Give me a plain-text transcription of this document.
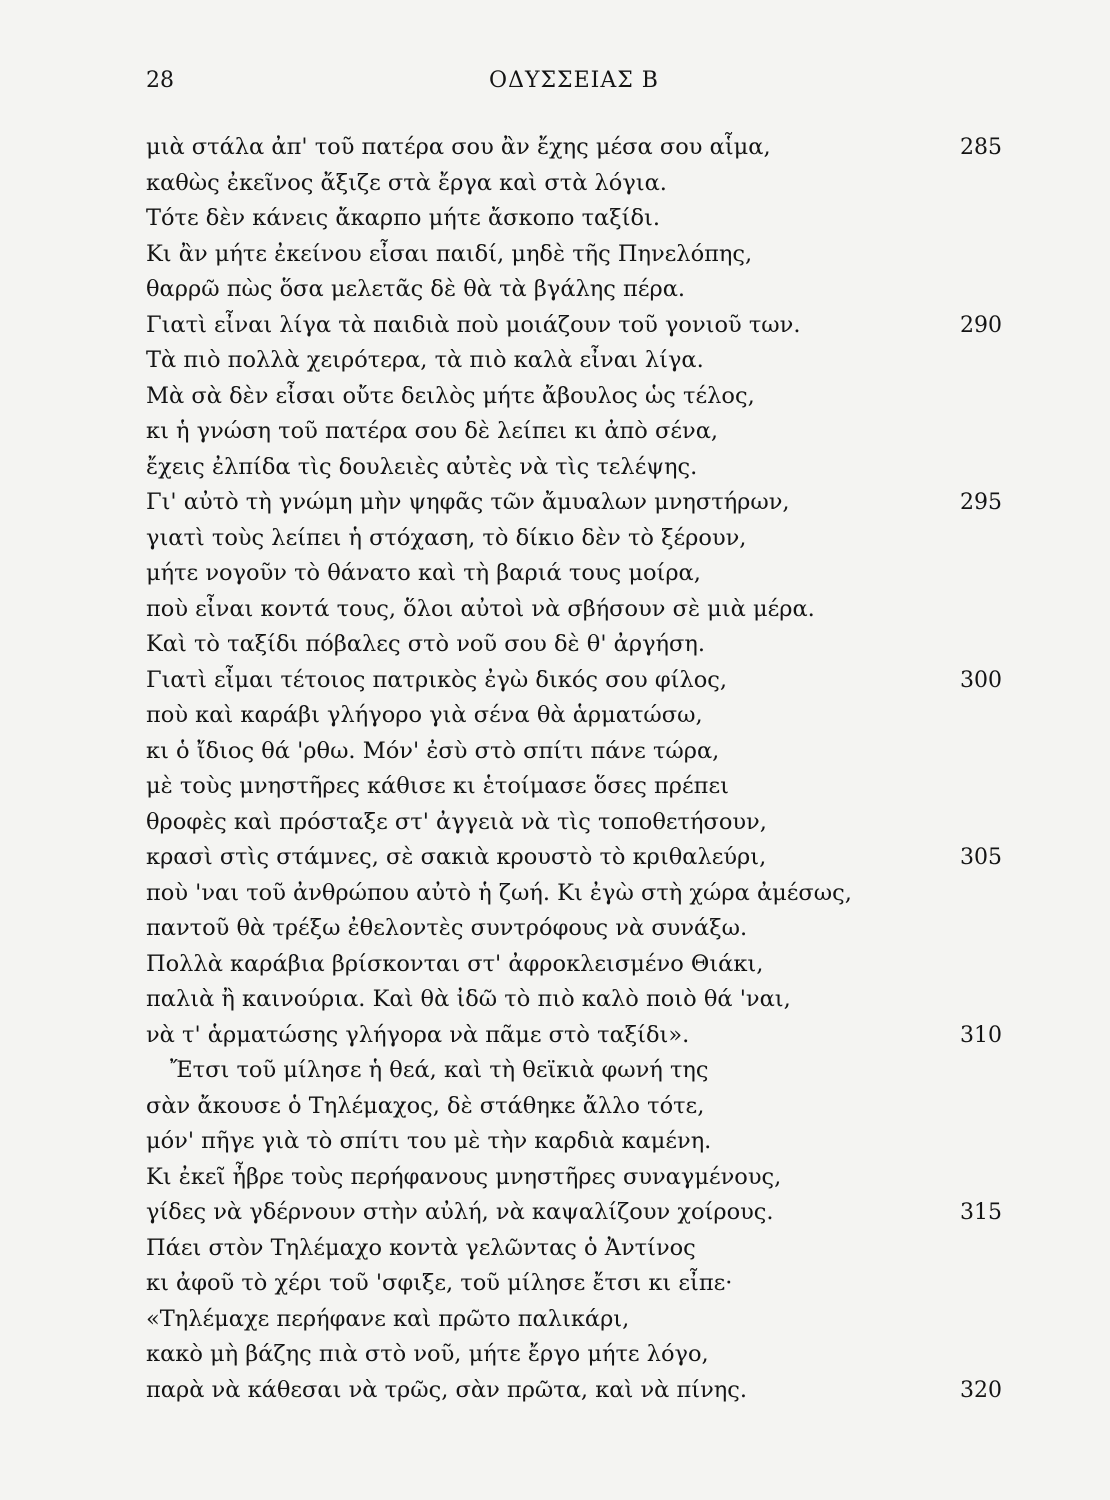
28	ΟΔΥΣΣΕΙΑΣ Β
μιὰ στάλα ἀπ' τοῦ πατέρα σου ἂν ἔχης μέσα σου αἷμα,	285
καθὼς ἐκεῖνος ἄξιζε στὰ ἔργα καὶ στὰ λόγια.
Τότε δὲν κάνεις ἄκαρπο μήτε ἄσκοπο ταξίδι.
Κι ἂν μήτε ἐκείνου εἶσαι παιδί, μηδὲ τῆς Πηνελόπης,
θαρρῶ πὼς ὅσα μελετᾶς δὲ θὰ τὰ βγάλης πέρα.
Γιατὶ εἶναι λίγα τὰ παιδιὰ ποὺ μοιάζουν τοῦ γονιοῦ των.	290
Τὰ πιὸ πολλὰ χειρότερα, τὰ πιὸ καλὰ εἶναι λίγα.
Μὰ σὰ δὲν εἶσαι οὔτε δειλὸς μήτε ἄβουλος ὡς τέλος,
κι ἡ γνώση τοῦ πατέρα σου δὲ λείπει κι ἀπὸ σένα,
ἔχεις ἐλπίδα τὶς δουλειὲς αὐτὲς νὰ τὶς τελέψης.
Γι' αὐτὸ τὴ γνώμη μὴν ψηφᾶς τῶν ἄμυαλων μνηστήρων,	295
γιατὶ τοὺς λείπει ἡ στόχαση, τὸ δίκιο δὲν τὸ ξέρουν,
μήτε νογοῦν τὸ θάνατο καὶ τὴ βαριά τους μοίρα,
ποὺ εἶναι κοντά τους, ὅλοι αὐτοὶ νὰ σβήσουν σὲ μιὰ μέρα.
Καὶ τὸ ταξίδι πόβαλες στὸ νοῦ σου δὲ θ' ἀργήση.
Γιατὶ εἶμαι τέτοιος πατρικὸς ἐγὼ δικός σου φίλος,	300
ποὺ καὶ καράβι γλήγορο γιὰ σένα θὰ ἁρματώσω,
κι ὁ ἴδιος θά 'ρθω. Μόν' ἐσὺ στὸ σπίτι πάνε τώρα,
μὲ τοὺς μνηστῆρες κάθισε κι ἑτοίμασε ὅσες πρέπει
θροφὲς καὶ πρόσταξε στ' ἀγγειὰ νὰ τὶς τοποθετήσουν,
κρασὶ στὶς στάμνες, σὲ σακιὰ κρουστὸ τὸ κριθαλεύρι,	305
ποὺ 'ναι τοῦ ἀνθρώπου αὐτὸ ἡ ζωή. Κι ἐγὼ στὴ χώρα ἀμέσως,
παντοῦ θὰ τρέξω ἐθελοντὲς συντρόφους νὰ συνάξω.
Πολλὰ καράβια βρίσκονται στ' ἀφροκλεισμένο Θιάκι,
παλιὰ ἢ καινούρια. Καὶ θὰ ἰδῶ τὸ πιὸ καλὸ ποιὸ θά 'ναι,
νὰ τ' ἁρματώσης γλήγορα νὰ πᾶμε στὸ ταξίδι».	310
Ἔτσι τοῦ μίλησε ἡ θεά, καὶ τὴ θεϊκιὰ φωνή της
σὰν ἄκουσε ὁ Τηλέμαχος, δὲ στάθηκε ἄλλο τότε,
μόν' πῆγε γιὰ τὸ σπίτι του μὲ τὴν καρδιὰ καμένη.
Κι ἐκεῖ ἦβρε τοὺς περήφανους μνηστῆρες συναγμένους,
γίδες νὰ γδέρνουν στὴν αὐλή, νὰ καψαλίζουν χοίρους.	315
Πάει στὸν Τηλέμαχο κοντὰ γελῶντας ὁ Ἀντίνος
κι ἀφοῦ τὸ χέρι τοῦ 'σφιξε, τοῦ μίλησε ἔτσι κι εἶπε·
«Τηλέμαχε περήφανε καὶ πρῶτο παλικάρι,
κακὸ μὴ βάζης πιὰ στὸ νοῦ, μήτε ἔργο μήτε λόγο,
παρὰ νὰ κάθεσαι νὰ τρῶς, σὰν πρῶτα, καὶ νὰ πίνης.	320
